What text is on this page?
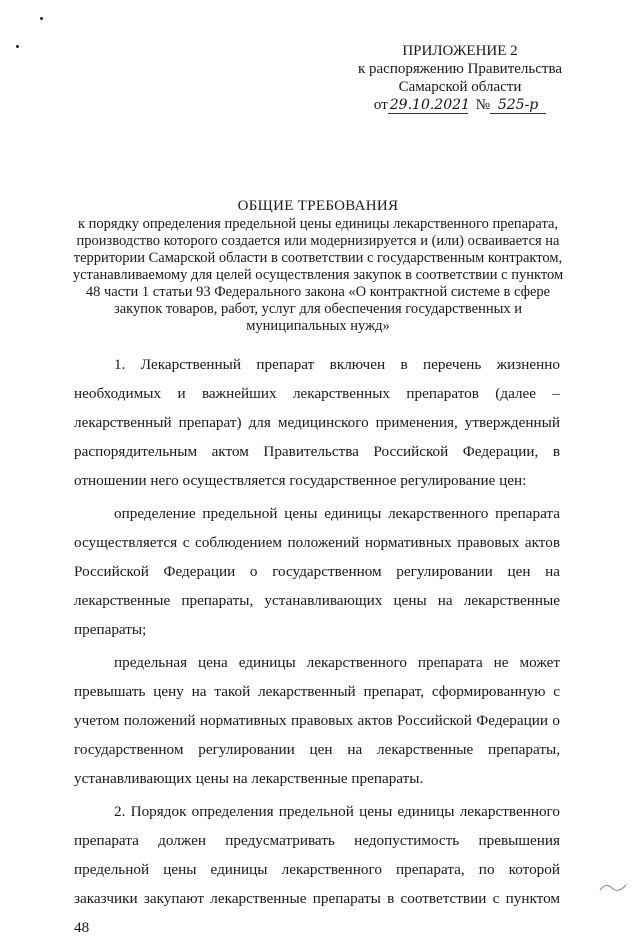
ПРИЛОЖЕНИЕ 2
к распоряжению Правительства
Самарской области
от 29.10.2021 № 525-р
ОБЩИЕ ТРЕБОВАНИЯ
к порядку определения предельной цены единицы лекарственного препарата, производство которого создается или модернизируется и (или) осваивается на территории Самарской области в соответствии с государственным контрактом, устанавливаемому для целей осуществления закупок в соответствии с пунктом 48 части 1 статьи 93 Федерального закона «О контрактной системе в сфере закупок товаров, работ, услуг для обеспечения государственных и муниципальных нужд»

1. Лекарственный препарат включен в перечень жизненно необходимых и важнейших лекарственных препаратов (далее – лекарственный препарат) для медицинского применения, утвержденный распорядительным актом Правительства Российской Федерации, в отношении него осуществляется государственное регулирование цен:

определение предельной цены единицы лекарственного препарата осуществляется с соблюдением положений нормативных правовых актов Российской Федерации о государственном регулировании цен на лекарственные препараты, устанавливающих цены на лекарственные препараты;

предельная цена единицы лекарственного препарата не может превышать цену на такой лекарственный препарат, сформированную с учетом положений нормативных правовых актов Российской Федерации о государственном регулировании цен на лекарственные препараты, устанавливающих цены на лекарственные препараты.

2. Порядок определения предельной цены единицы лекарственного препарата должен предусматривать недопустимость превышения предельной цены единицы лекарственного препарата, по которой заказчики закупают лекарственные препараты в соответствии с пунктом 48
